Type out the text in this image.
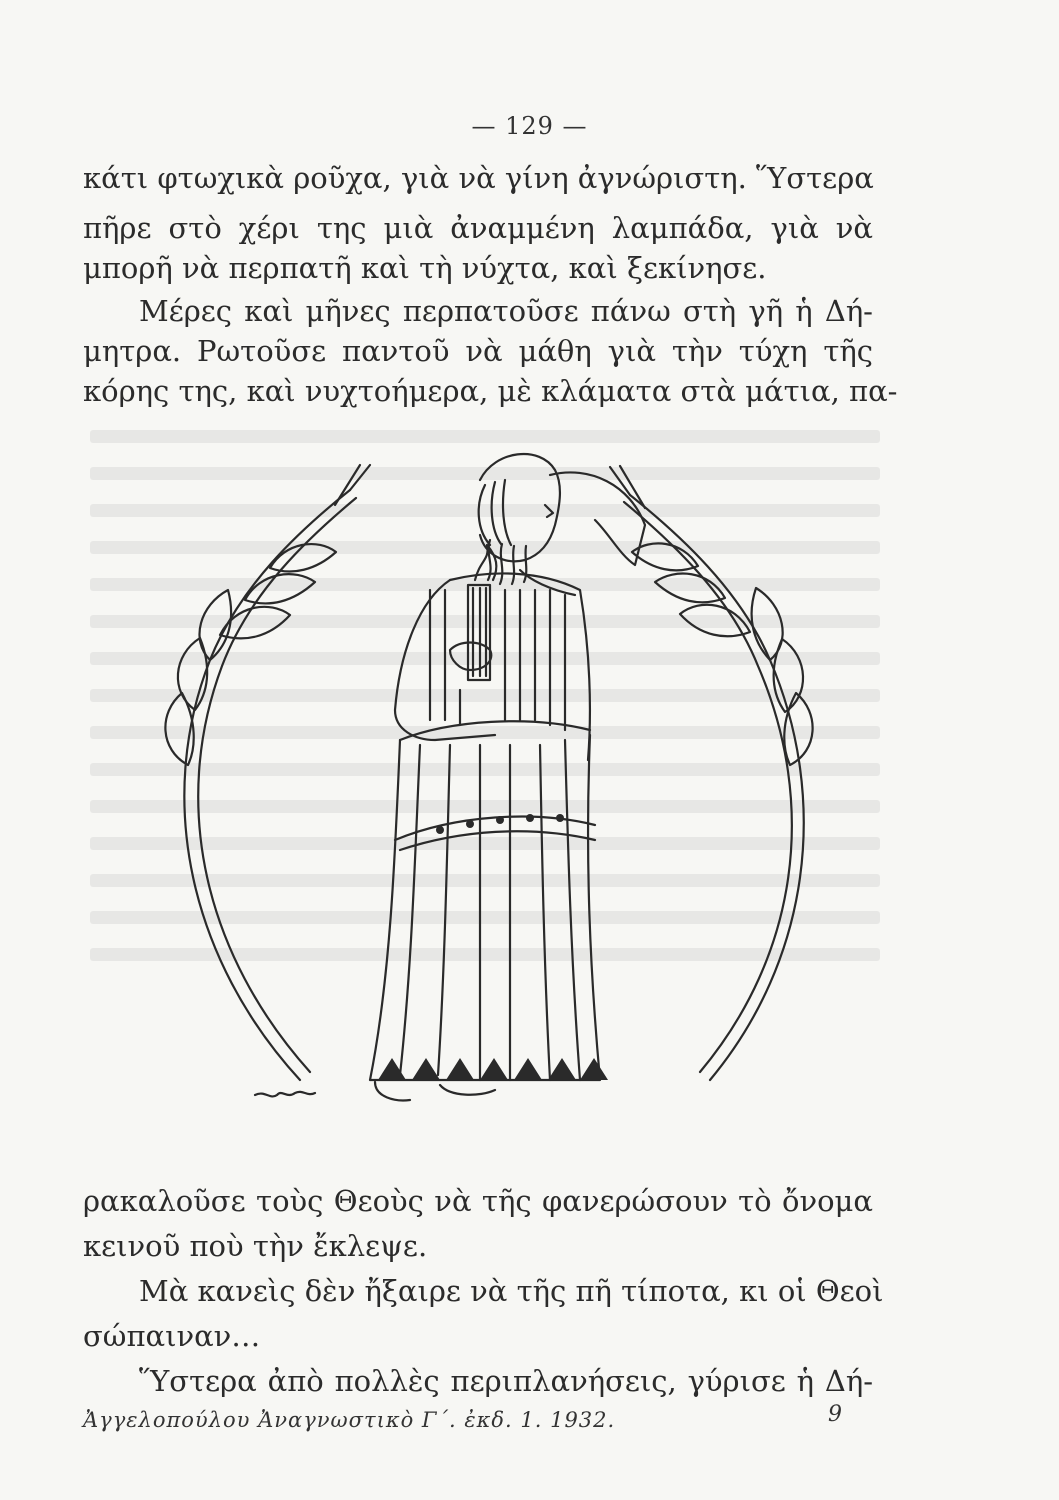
— 129 —
κάτι φτωχικὰ ροῦχα, γιὰ νὰ γίνη ἀγνώριστη. Ὕστερα
πῆρε στὸ χέρι της μιὰ ἀναμμένη λαμπάδα, γιὰ νὰ
μπορῆ νὰ περπατῆ καὶ τὴ νύχτα, καὶ ξεκίνησε.
Μέρες καὶ μῆνες περπατοῦσε πάνω στὴ γῆ ἡ Δή-
μητρα. Ρωτοῦσε παντοῦ νὰ μάθη γιὰ τὴν τύχη τῆς
κόρης της, καὶ νυχτοήμερα, μὲ κλάματα στὰ μάτια, πα-
ρακαλοῦσε τοὺς Θεοὺς νὰ τῆς φανερώσουν τὸ ὄνομα
κεινοῦ ποὺ τὴν ἔκλεψε.
Μὰ κανεὶς δὲν ἤξαιρε νὰ τῆς πῆ τίποτα, κι οἱ Θεοὶ
σώπαιναν…
Ὕστερα ἀπὸ πολλὲς περιπλανήσεις, γύρισε ἡ Δή-
Ἀγγελοπούλου Ἀναγνωστικὸ Γ΄. ἐκδ. 1. 1932.	9
